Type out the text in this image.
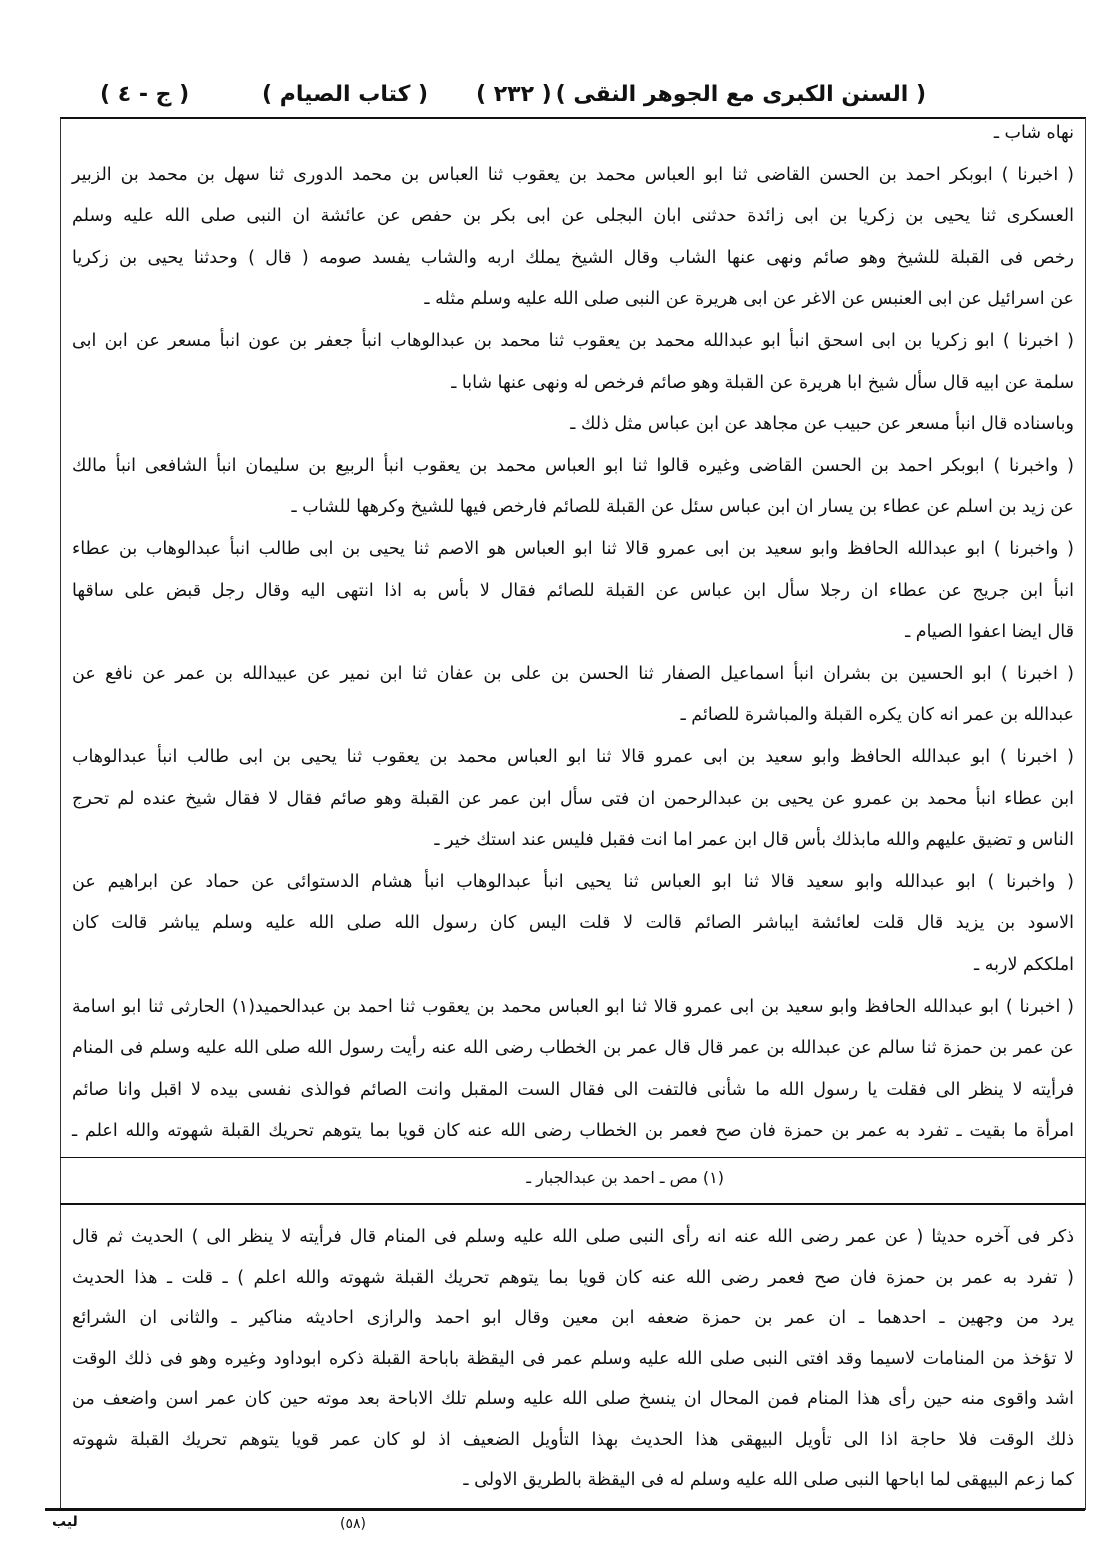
( السنن الكبرى مع الجوهر النقى )
( ٢٣٢ )
( كتاب الصيام )
( ج - ٤ )
نهاه شاب ـ
( اخبرنا ) ابوبكر احمد بن الحسن القاضى ثنا ابو العباس محمد بن يعقوب ثنا العباس بن محمد الدورى ثنا سهل بن محمد بن الزبير
العسكرى ثنا يحيى بن زكريا بن ابى زائدة حدثنى ابان البجلى عن ابى بكر بن حفص عن عائشة ان النبى صلى الله عليه وسلم
رخص فى القبلة للشيخ وهو صائم ونهى عنها الشاب وقال الشيخ يملك اربه والشاب يفسد صومه ( قال ) وحدثنا يحيى بن زكريا
عن اسرائيل عن ابى العنبس عن الاغر عن ابى هريرة عن النبى صلى الله عليه وسلم مثله ـ
( اخبرنا ) ابو زكريا بن ابى اسحق انبأ ابو عبدالله محمد بن يعقوب ثنا محمد بن عبدالوهاب انبأ جعفر بن عون انبأ مسعر عن ابن ابى
سلمة عن ابيه قال سأل شيخ ابا هريرة عن القبلة وهو صائم فرخص له ونهى عنها شابا ـ
وباسناده قال انبأ مسعر عن حبيب عن مجاهد عن ابن عباس مثل ذلك ـ
( واخبرنا ) ابوبكر احمد بن الحسن القاضى وغيره قالوا ثنا ابو العباس محمد بن يعقوب انبأ الربيع بن سليمان انبأ الشافعى انبأ مالك
عن زيد بن اسلم عن عطاء بن يسار ان ابن عباس سئل عن القبلة للصائم فارخص فيها للشيخ وكرهها للشاب ـ
( واخبرنا ) ابو عبدالله الحافظ وابو سعيد بن ابى عمرو قالا ثنا ابو العباس هو الاصم ثنا يحيى بن ابى طالب انبأ عبدالوهاب بن عطاء
انبأ ابن جريج عن عطاء ان رجلا سأل ابن عباس عن القبلة للصائم فقال لا بأس به اذا انتهى اليه وقال رجل قبض على ساقها
قال ايضا اعفوا الصيام ـ
( اخبرنا ) ابو الحسين بن بشران انبأ اسماعيل الصفار ثنا الحسن بن على بن عفان ثنا ابن نمير عن عبيدالله بن عمر عن نافع عن
عبدالله بن عمر انه كان يكره القبلة والمباشرة للصائم ـ
( اخبرنا ) ابو عبدالله الحافظ وابو سعيد بن ابى عمرو قالا ثنا ابو العباس محمد بن يعقوب ثنا يحيى بن ابى طالب انبأ عبدالوهاب
ابن عطاء انبأ محمد بن عمرو عن يحيى بن عبدالرحمن ان فتى سأل ابن عمر عن القبلة وهو صائم فقال لا فقال شيخ عنده لم تحرج
الناس و تضيق عليهم والله مابذلك بأس قال ابن عمر اما انت فقبل فليس عند استك خير ـ
( واخبرنا ) ابو عبدالله وابو سعيد قالا ثنا ابو العباس ثنا يحيى انبأ عبدالوهاب انبأ هشام الدستوائى عن حماد عن ابراهيم عن
الاسود بن يزيد قال قلت لعائشة ايباشر الصائم قالت لا قلت اليس كان رسول الله صلى الله عليه وسلم يباشر قالت كان
املككم لاربه ـ
( اخبرنا ) ابو عبدالله الحافظ وابو سعيد بن ابى عمرو قالا ثنا ابو العباس محمد بن يعقوب ثنا احمد بن عبدالحميد(١) الحارثى ثنا ابو اسامة
عن عمر بن حمزة ثنا سالم عن عبدالله بن عمر قال قال عمر بن الخطاب رضى الله عنه رأيت رسول الله صلى الله عليه وسلم فى المنام
فرأيته لا ينظر الى فقلت يا رسول الله ما شأنى فالتفت الى فقال الست المقبل وانت الصائم فوالذى نفسى بيده لا اقبل وانا صائم
امرأة ما بقيت ـ تفرد به عمر بن حمزة فان صح فعمر بن الخطاب رضى الله عنه كان قويا بما يتوهم تحريك القبلة شهوته والله اعلم ـ
(١) مص ـ احمد بن عبدالجبار ـ
ذكر فى آخره حديثا ( عن عمر رضى الله عنه انه رأى النبى صلى الله عليه وسلم فى المنام قال فرأيته لا ينظر الى ) الحديث ثم قال
( تفرد به عمر بن حمزة فان صح فعمر رضى الله عنه كان قويا بما يتوهم تحريك القبلة شهوته والله اعلم ) ـ قلت ـ هذا الحديث
يرد من وجهين ـ احدهما ـ ان عمر بن حمزة ضعفه ابن معين وقال ابو احمد والرازى احاديثه مناكير ـ والثانى ان الشرائع
لا تؤخذ من المنامات لاسيما وقد افتى النبى صلى الله عليه وسلم عمر فى اليقظة باباحة القبلة ذكره ابوداود وغيره وهو فى ذلك الوقت
اشد واقوى منه حين رأى هذا المنام فمن المحال ان ينسخ صلى الله عليه وسلم تلك الاباحة بعد موته حين كان عمر اسن واضعف من
ذلك الوقت فلا حاجة اذا الى تأويل البيهقى هذا الحديث بهذا التأويل الضعيف اذ لو كان عمر قويا يتوهم تحريك القبلة شهوته
كما زعم البيهقى لما اباحها النبى صلى الله عليه وسلم له فى اليقظة بالطريق الاولى ـ
(٥٨)
ليب
